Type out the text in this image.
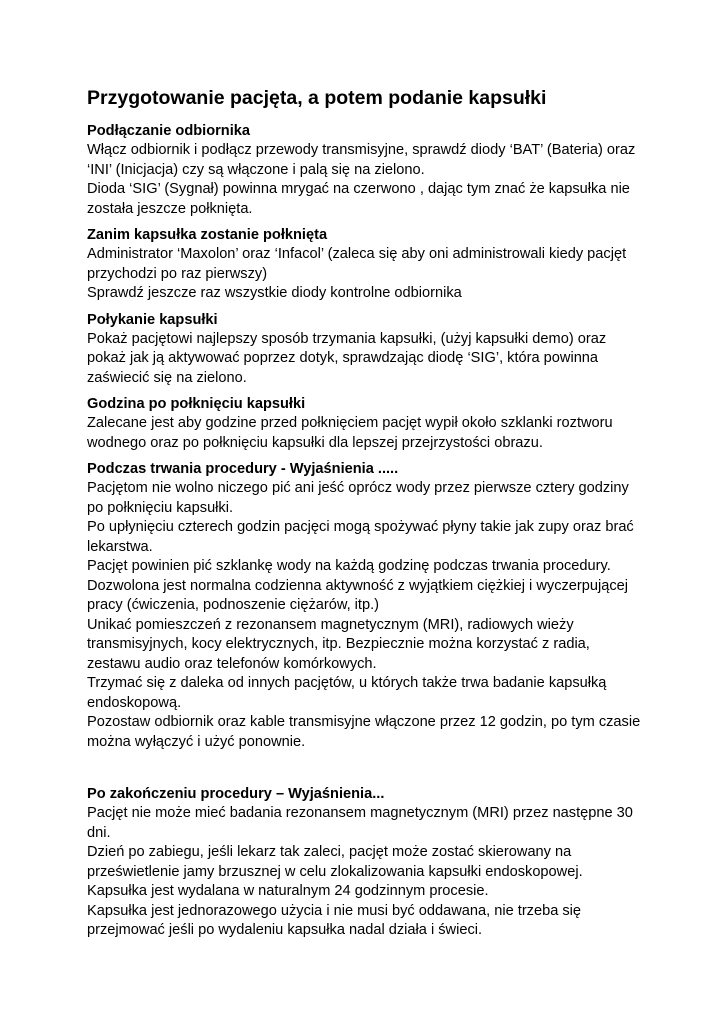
Przygotowanie pacjęta, a potem podanie kapsułki
Podłączanie odbiornika

Włącz odbiornik i podłącz przewody transmisyjne, sprawdź diody ‘BAT’ (Bateria) oraz ‘INI’ (Inicjacja) czy są włączone i palą się na zielono.

Dioda ‘SIG’ (Sygnał) powinna mrygać na czerwono , dając tym znać że kapsułka nie została jeszcze połknięta.

Zanim kapsułka zostanie połknięta

Administrator ‘Maxolon’ oraz ‘Infacol’ (zaleca się aby oni administrowali kiedy pacjęt przychodzi po raz pierwszy)

Sprawdź jeszcze raz wszystkie diody kontrolne odbiornika

Połykanie kapsułki

Pokaż pacjętowi najlepszy sposób trzymania kapsułki, (użyj kapsułki demo) oraz pokaż jak ją aktywować poprzez dotyk, sprawdzając diodę ‘SIG’, która powinna zaświecić się na zielono.

Godzina po połknięciu kapsułki

Zalecane jest aby godzine przed połknięciem pacjęt wypił około szklanki roztworu wodnego oraz po połknięciu kapsułki dla lepszej przejrzystości obrazu.

Podczas trwania procedury - Wyjaśnienia .....

Pacjętom nie wolno niczego pić ani jeść oprócz wody przez pierwsze cztery godziny po połknięciu kapsułki.

Po upłynięciu czterech godzin pacjęci mogą spożywać płyny takie jak zupy oraz brać lekarstwa.

Pacjęt powinien pić szklankę wody na każdą godzinę podczas trwania procedury.

Dozwolona jest normalna codzienna aktywność z wyjątkiem ciężkiej i wyczerpującej pracy (ćwiczenia, podnoszenie ciężarów, itp.)

Unikać pomieszczeń z rezonansem magnetycznym (MRI), radiowych wieży transmisyjnych, kocy elektrycznych, itp. Bezpiecznie można korzystać z radia, zestawu audio oraz telefonów komórkowych.

Trzymać się z daleka od innych pacjętów, u których także trwa badanie kapsułką endoskopową.

Pozostaw odbiornik oraz kable transmisyjne włączone przez 12 godzin, po tym czasie można wyłączyć i użyć ponownie.

Po zakończeniu procedury – Wyjaśnienia...

Pacjęt nie może mieć badania rezonansem magnetycznym (MRI) przez następne 30 dni.

Dzień po zabiegu, jeśli lekarz tak zaleci, pacjęt może zostać skierowany na prześwietlenie jamy brzusznej w celu zlokalizowania kapsułki endoskopowej.

Kapsułka jest wydalana w naturalnym 24 godzinnym procesie.

Kapsułka jest jednorazowego użycia i nie musi być oddawana, nie trzeba się przejmować jeśli po wydaleniu kapsułka nadal działa i świeci.
